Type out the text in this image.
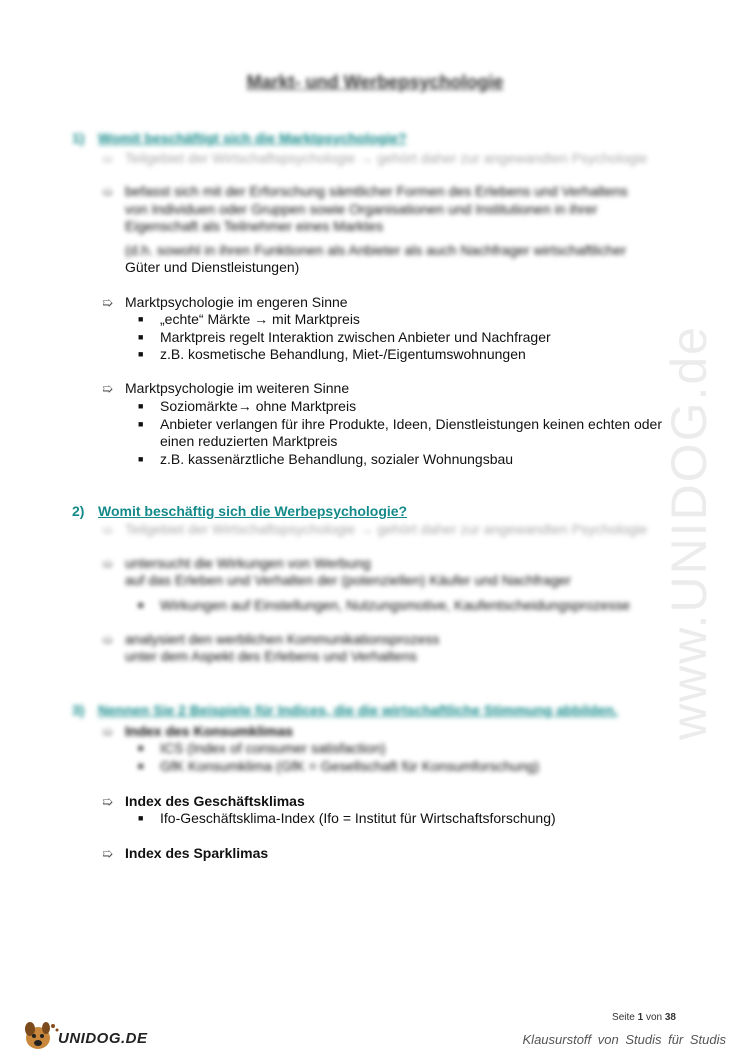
www.UNIDOG.de
Markt- und Werbepsychologie
1) Womit beschäftigt sich die Marktpsychologie?
➯ Teilgebiet der Wirtschaftspsychologie → gehört daher zur angewandten Psychologie
➯ befasst sich mit der Erforschung sämtlicher Formen des Erlebens und Verhaltens
von Individuen oder Gruppen sowie Organisationen und Institutionen in ihrer
Eigenschaft als Teilnehmer eines Marktes
(d.h. sowohl in ihren Funktionen als Anbieter als auch Nachfrager wirtschaftlicher
Güter und Dienstleistungen)
➯ Marktpsychologie im engeren Sinne
■ „echte“ Märkte → mit Marktpreis
■ Marktpreis regelt Interaktion zwischen Anbieter und Nachfrager
■ z.B. kosmetische Behandlung, Miet-/Eigentumswohnungen
➯ Marktpsychologie im weiteren Sinne
■ Soziomärkte→ ohne Marktpreis
■ Anbieter verlangen für ihre Produkte, Ideen, Dienstleistungen keinen echten oder einen reduzierten Marktpreis
■ z.B. kassenärztliche Behandlung, sozialer Wohnungsbau
2) Womit beschäftig sich die Werbepsychologie?
➯ Teilgebiet der Wirtschaftspsychologie → gehört daher zur angewandten Psychologie
➯ untersucht die Wirkungen von Werbung
auf das Erleben und Verhalten der (potenziellen) Käufer und Nachfrager
■ Wirkungen auf Einstellungen, Nutzungsmotive, Kaufentscheidungsprozesse
➯ analysiert den werblichen Kommunikationsprozess
unter dem Aspekt des Erlebens und Verhaltens
3) Nennen Sie 2 Beispiele für Indices, die die wirtschaftliche Stimmung abbilden.
➯ Index des Konsumklimas
■ ICS (Index of consumer satisfaction)
■ GfK Konsumklima (GfK = Gesellschaft für Konsumforschung)
➯ Index des Geschäftsklimas
■ Ifo-Geschäftsklima-Index (Ifo = Institut für Wirtschaftsforschung)
➯ Index des Sparklimas
Seite 1 von 38
UNIDOG.DE	Klausurstoff von Studis für Studis
